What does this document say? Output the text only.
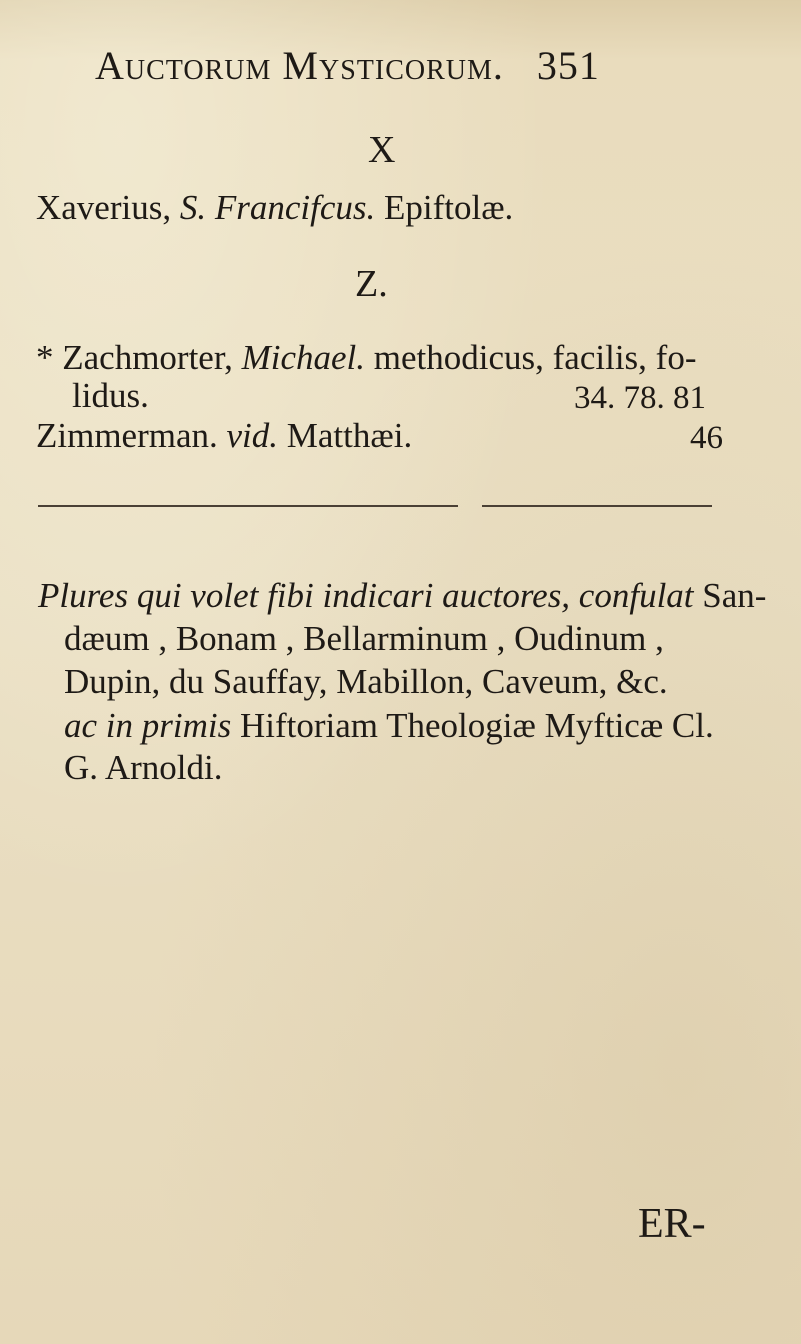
Auctorum Mysticorum. 351
X
Xaverius, S. Francifcus. Epiftolæ.
Z.
* Zachmorter, Michael. methodicus, facilis, fo-
lidus.	34. 78. 81
Zimmerman. vid. Matthæi.	46
Plures qui volet fibi indicari auctores, confulat San-
dæum , Bonam , Bellarminum , Oudinum ,
Dupin, du Sauffay, Mabillon, Caveum, &c.
ac in primis Hiftoriam Theologiæ Myfticæ Cl.
G. Arnoldi.
ER-
